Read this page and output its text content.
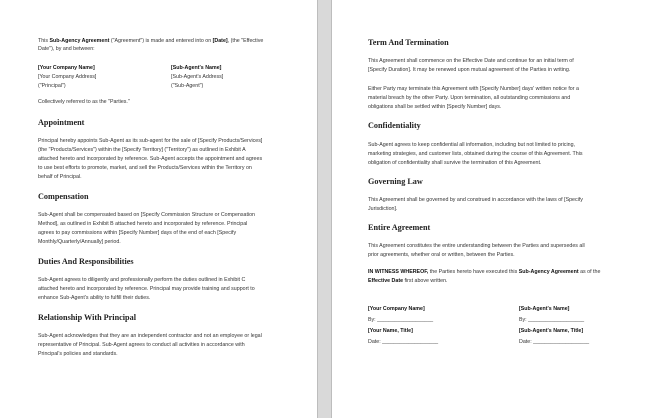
This Sub-Agency Agreement ("Agreement") is made and entered into on [Date], (the "Effective
Date"), by and between:
[Your Company Name]
[Your Company Address]
("Principal")
[Sub-Agent's Name]
[Sub-Agent's Address]
("Sub-Agent")
Collectively referred to as the "Parties."
Appointment
Principal hereby appoints Sub-Agent as its sub-agent for the sale of [Specify Products/Services]
(the "Products/Services") within the [Specify Territory] ("Territory") as outlined in Exhibit A
attached hereto and incorporated by reference. Sub-Agent accepts the appointment and agrees
to use best efforts to promote, market, and sell the Products/Services within the Territory on
behalf of Principal.
Compensation
Sub-Agent shall be compensated based on [Specify Commission Structure or Compensation
Method], as outlined in Exhibit B attached hereto and incorporated by reference. Principal
agrees to pay commissions within [Specify Number] days of the end of each [Specify
Monthly/Quarterly/Annually] period.
Duties And Responsibilities
Sub-Agent agrees to diligently and professionally perform the duties outlined in Exhibit C
attached hereto and incorporated by reference. Principal may provide training and support to
enhance Sub-Agent's ability to fulfill their duties.
Relationship With Principal
Sub-Agent acknowledges that they are an independent contractor and not an employee or legal
representative of Principal. Sub-Agent agrees to conduct all activities in accordance with
Principal's policies and standards.
Term And Termination
This Agreement shall commence on the Effective Date and continue for an initial term of
[Specify Duration]. It may be renewed upon mutual agreement of the Parties in writing.
Either Party may terminate this Agreement with [Specify Number] days' written notice for a
material breach by the other Party. Upon termination, all outstanding commissions and
obligations shall be settled within [Specify Number] days.
Confidentiality
Sub-Agent agrees to keep confidential all information, including but not limited to pricing,
marketing strategies, and customer lists, obtained during the course of this Agreement. This
obligation of confidentiality shall survive the termination of this Agreement.
Governing Law
This Agreement shall be governed by and construed in accordance with the laws of [Specify
Jurisdiction].
Entire Agreement
This Agreement constitutes the entire understanding between the Parties and supersedes all
prior agreements, whether oral or written, between the Parties.
IN WITNESS WHEREOF, the Parties hereto have executed this Sub-Agency Agreement as of the
Effective Date first above written.
[Your Company Name]
By: ___________________
[Your Name, Title]
Date: ___________________
[Sub-Agent's Name]
By: ___________________
[Sub-Agent's Name, Title]
Date: ___________________
